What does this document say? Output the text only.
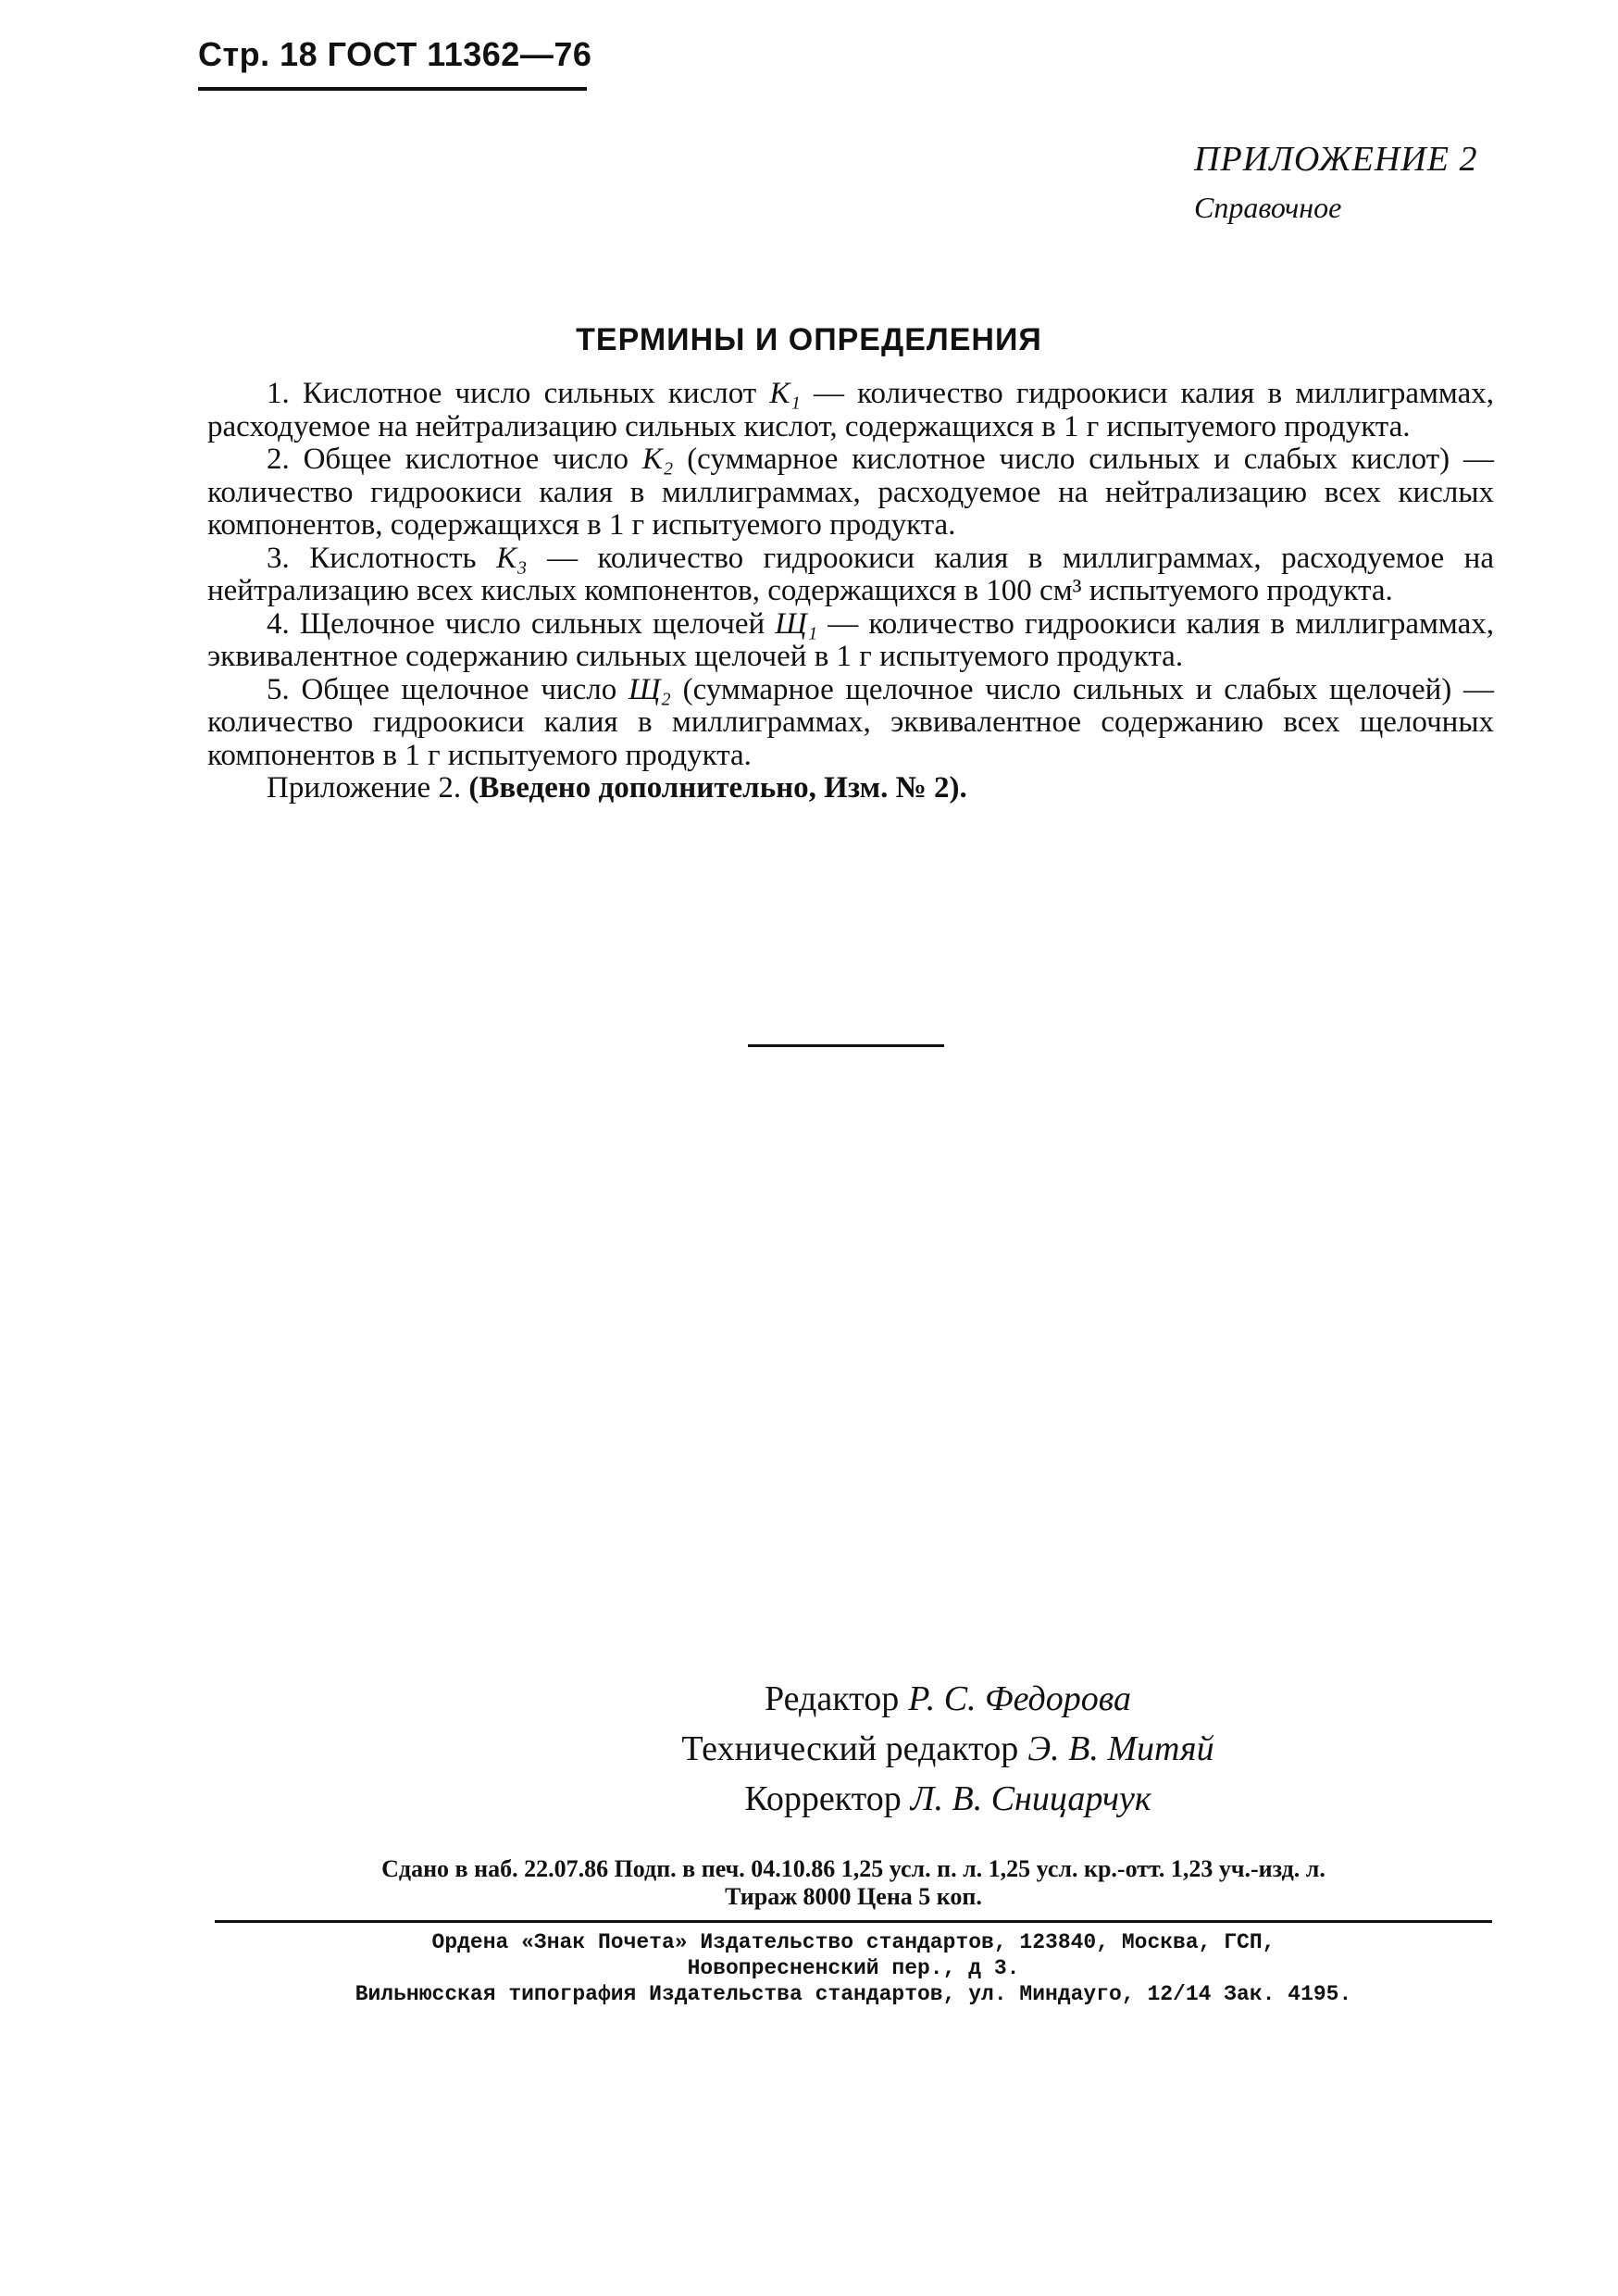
Стр. 18 ГОСТ 11362—76
ПРИЛОЖЕНИЕ 2
Справочное
ТЕРМИНЫ И ОПРЕДЕЛЕНИЯ

1. Кислотное число сильных кислот K₁ — количество гидроокиси калия в миллиграммах, расходуемое на нейтрализацию сильных кислот, содержащихся в 1 г испытуемого продукта.

2. Общее кислотное число K₂ (суммарное кислотное число сильных и слабых кислот) — количество гидроокиси калия в миллиграммах, расходуемое на нейтрализацию всех кислых компонентов, содержащихся в 1 г испытуемого продукта.

3. Кислотность K₃ — количество гидроокиси калия в миллиграммах, расходуемое на нейтрализацию всех кислых компонентов, содержащихся в 100 см³ испытуемого продукта.

4. Щелочное число сильных щелочей Щ₁ — количество гидроокиси калия в миллиграммах, эквивалентное содержанию сильных щелочей в 1 г испытуемого продукта.

5. Общее щелочное число Щ₂ (суммарное щелочное число сильных и слабых щелочей) — количество гидроокиси калия в миллиграммах, эквивалентное содержанию всех щелочных компонентов в 1 г испытуемого продукта.

Приложение 2. (Введено дополнительно, Изм. № 2).

Редактор Р. С. Федорова
Технический редактор Э. В. Митяй
Корректор Л. В. Сницарчук
Сдано в наб. 22.07.86 Подп. в печ. 04.10.86 1,25 усл. п. л. 1,25 усл. кр.-отт. 1,23 уч.-изд. л.
Тираж 8000 Цена 5 коп.
Ордена «Знак Почета» Издательство стандартов, 123840, Москва, ГСП,
Новопресненский пер., д 3.
Вильнюсская типография Издательства стандартов, ул. Миндауго, 12/14 Зак. 4195.
